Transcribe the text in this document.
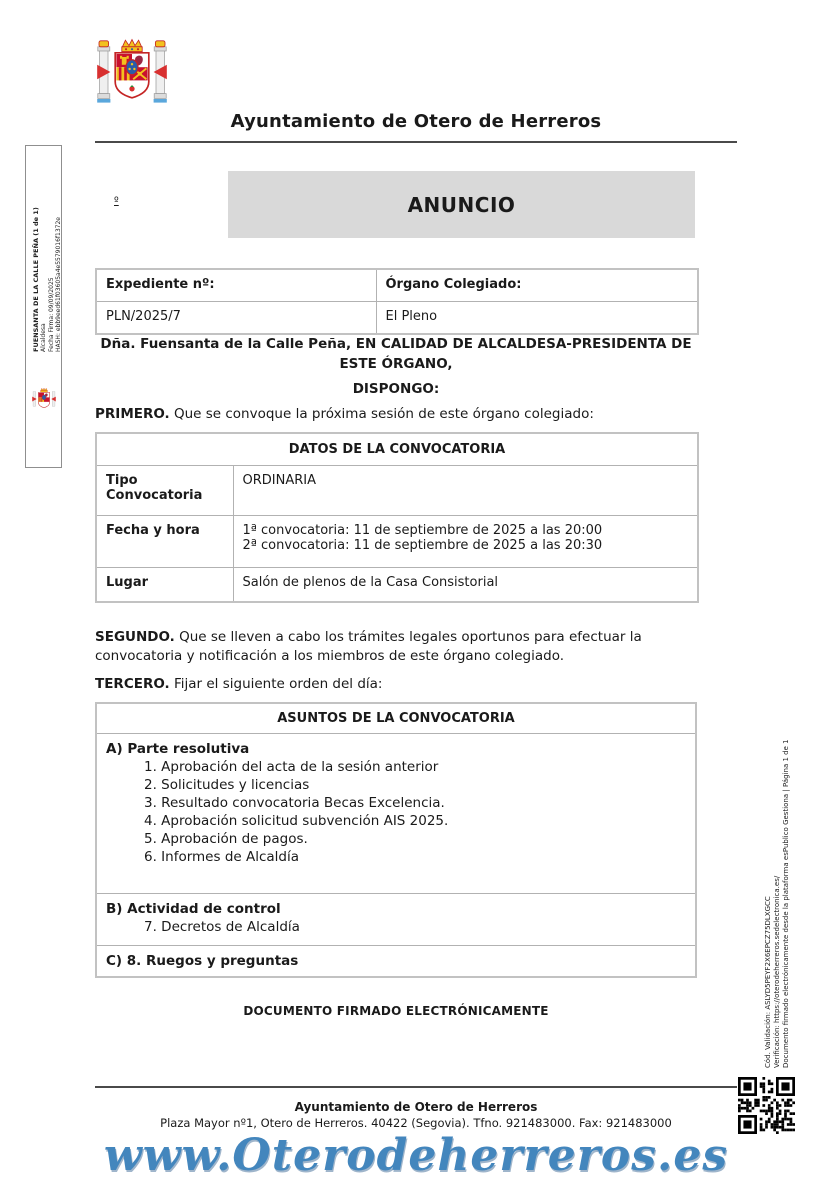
Ayuntamiento de Otero de Herreros
FUENSANTA DE LA CALLE PEÑA (1 de 1) Alcaldesa Fecha Firma: 09/09/2025 HASH: ebb9eed61f03605a4e5579016f1372e
º	ANUNCIO
Expediente nº:	Órgano Colegiado:
PLN/2025/7	El Pleno
Dña. Fuensanta de la Calle Peña, EN CALIDAD DE ALCALDESA-PRESIDENTA DE ESTE ÓRGANO,
DISPONGO:
PRIMERO. Que se convoque la próxima sesión de este órgano colegiado:
DATOS DE LA CONVOCATORIA	
Tipo Convocatoria	ORDINARIA
Fecha y hora	1ª convocatoria: 11 de septiembre de 2025 a las 20:00
2ª convocatoria: 11 de septiembre de 2025 a las 20:30

Lugar	Salón de plenos de la Casa Consistorial
SEGUNDO. Que se lleven a cabo los trámites legales oportunos para efectuar la convocatoria y notificación a los miembros de este órgano colegiado.
TERCERO. Fijar el siguiente orden del día:
ASUNTOS DE LA CONVOCATORIA

A) Parte resolutiva
1. Aprobación del acta de la sesión anterior
2. Solicitudes y licencias
3. Resultado convocatoria Becas Excelencia.
4. Aprobación solicitud subvención AIS 2025.
5. Aprobación de pagos.
6. Informes de Alcaldía

B) Actividad de control
7. Decretos de Alcaldía

C) 8. Ruegos y preguntas
DOCUMENTO FIRMADO ELECTRÓNICAMENTE
Ayuntamiento de Otero de Herreros
Plaza Mayor nº1, Otero de Herreros. 40422 (Segovia). Tfno. 921483000. Fax: 921483000
www.Oterodeherreros.es
Cód. Validación: ASLYD5PEYF2X6EPCZ75DLXGCC Verificación: https://oterodeherreros.sedelectronica.es/ Documento firmado electrónicamente desde la plataforma esPublico Gestiona | Página 1 de 1
